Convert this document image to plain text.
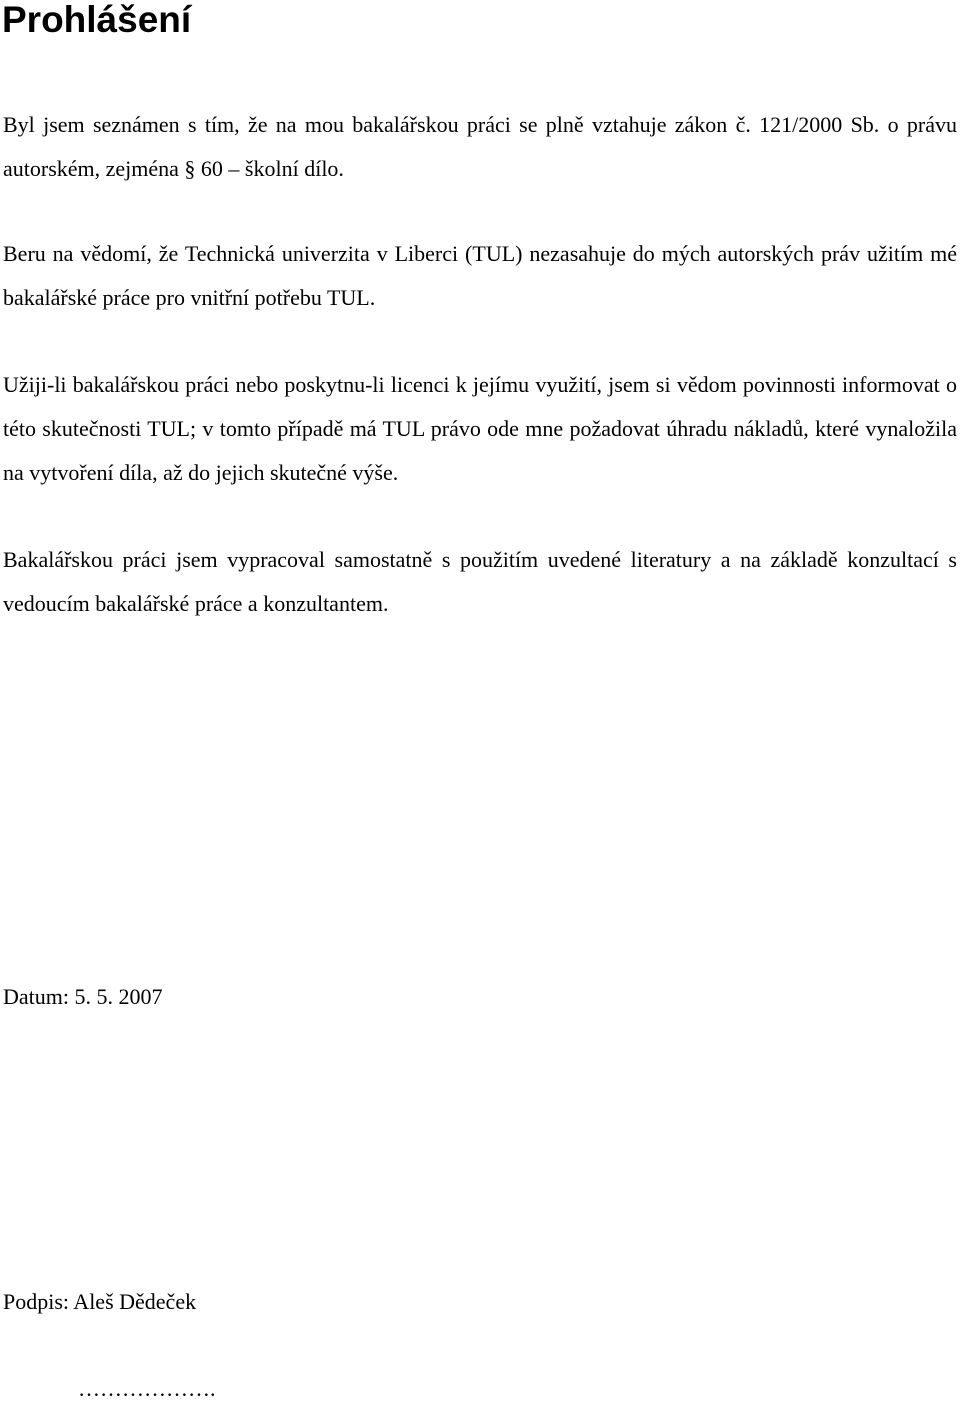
Prohlášení

Byl jsem seznámen s tím, že na mou bakalářskou práci se plně vztahuje zákon č. 121/2000 Sb. o právu autorském, zejména § 60 – školní dílo.

Beru na vědomí, že Technická univerzita v Liberci (TUL) nezasahuje do mých autorských práv užitím mé bakalářské práce pro vnitřní potřebu TUL.

Užiji-li bakalářskou práci nebo poskytnu-li licenci k jejímu využití, jsem si vědom povinnosti informovat o této skutečnosti TUL; v tomto případě má TUL právo ode mne požadovat úhradu nákladů, které vynaložila na vytvoření díla, až do jejich skutečné výše.

Bakalářskou práci jsem vypracoval samostatně s použitím uvedené literatury a na základě konzultací s vedoucím bakalářské práce a konzultantem.

Datum: 5. 5. 2007

Podpis: Aleš Dědeček

……………….
